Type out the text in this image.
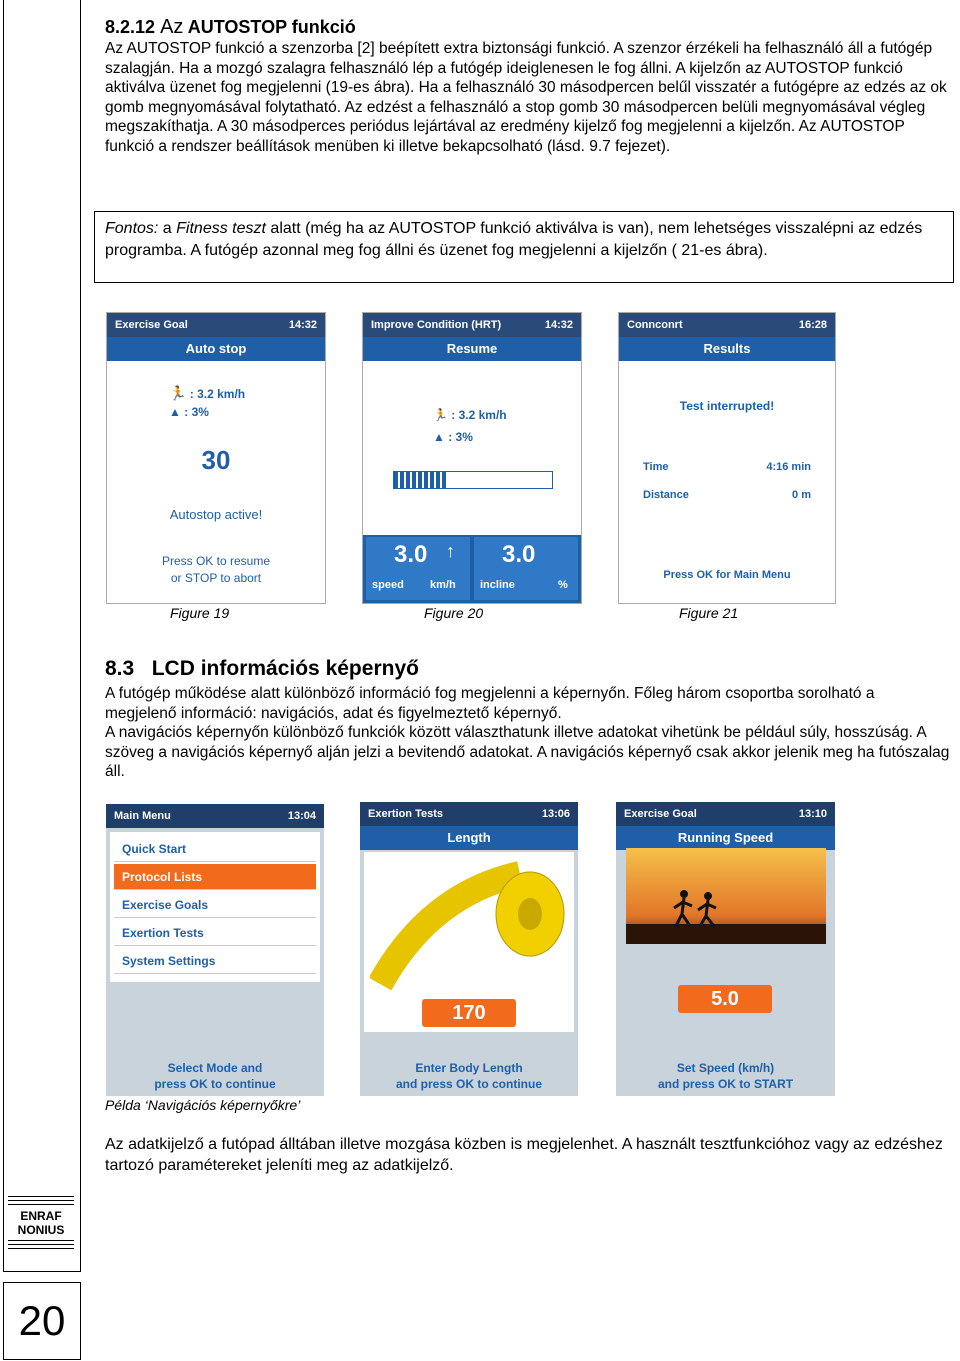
ENRAF
NONIUS
20
8.2.12 Az AUTOSTOP funkció
Az AUTOSTOP funkció a szenzorba [2] beépített extra biztonsági funkció. A szenzor érzékeli ha felhasználó áll a futógép szalagján. Ha a mozgó szalagra felhasználó lép a futógép ideiglenesen le fog állni. A kijelzőn az AUTOSTOP funkció aktiválva üzenet fog megjelenni (19-es ábra). Ha a felhasználó 30 másodpercen belűl visszatér a futógépre az edzés az ok gomb megnyomásával folytatható. Az edzést a felhasználó a stop gomb 30 másodpercen belüli megnyomásával végleg megszakíthatja. A 30 másodperces periódus lejártával az eredmény kijelző fog megjelenni a kijelzőn. Az AUTOSTOP funkció a rendszer beállítások menüben ki illetve bekapcsolható (lásd. 9.7 fejezet).
Fontos: a Fitness teszt alatt (még ha az AUTOSTOP funkció aktiválva is van), nem lehetséges visszalépni az edzés programba. A futógép azonnal meg fog állni és üzenet fog megjelenni a kijelzőn ( 21-es ábra).
Exercise Goal	14:32
Auto stop
🏃 : 3.2 km/h
▲ : 3%
30
Autostop active!
Press OK to resume
or STOP to abort
Improve Condition (HRT)	14:32
Resume
🏃 : 3.2 km/h
▲ : 3%
3.0 ↑
speed km/h
3.0
incline	%
Connconrt	16:28
Results
Test interrupted!
Time	4:16 min
Distance	0 m
Press OK for Main Menu
Figure 19	Figure 20	Figure 21
8.3 LCD információs képernyő
A futógép működése alatt különböző információ fog megjelenni a képernyőn. Főleg három csoportba sorolható a megjelenő információ: navigációs, adat és figyelmeztető képernyő.
A navigációs képernyőn különböző funkciók között választhatunk illetve adatokat vihetünk be például súly, hosszúság. A szöveg a navigációs képernyő alján jelzi a bevitendő adatokat. A navigációs képernyő csak akkor jelenik meg ha futószalag áll.
Main Menu	13:04
Quick Start
Protocol Lists
Exercise Goals
Exertion Tests
System Settings
Select Mode and
press OK to continue
Exertion Tests	13:06
Length
170
Enter Body Length
and press OK to continue
Exercise Goal	13:10
Running Speed
5.0
Set Speed (km/h)
and press OK to START
Példa ‘Navigációs képernyőkre’
Az adatkijelző a futópad álltában illetve mozgása közben is megjelenhet. A használt tesztfunkcióhoz vagy az edzéshez tartozó paramétereket jeleníti meg az adatkijelző.
